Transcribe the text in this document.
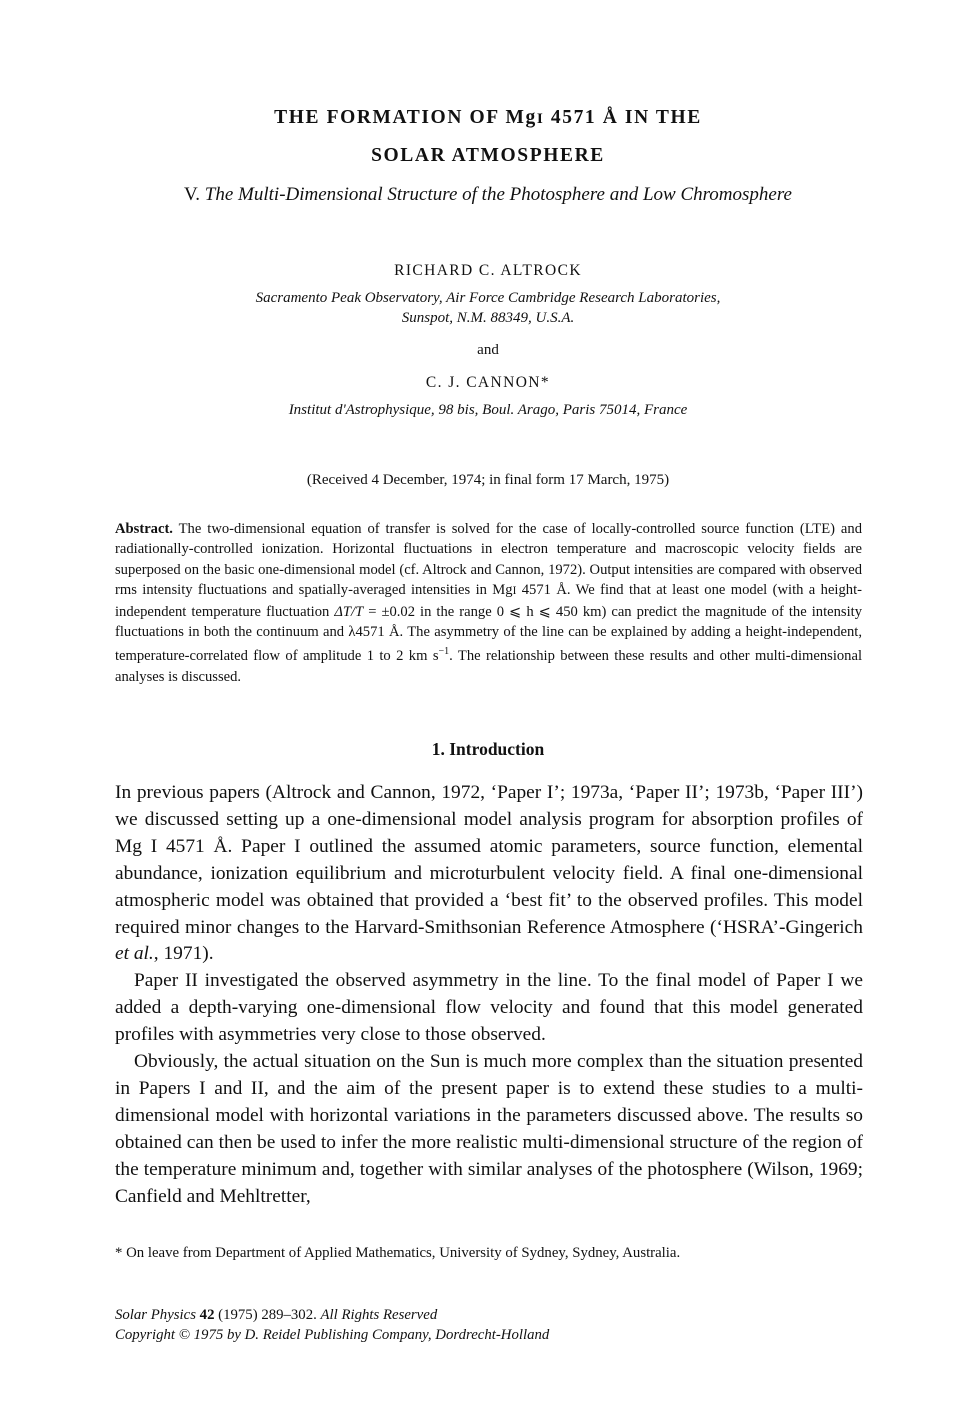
THE FORMATION OF MgI 4571 Å IN THE
SOLAR ATMOSPHERE
V. The Multi-Dimensional Structure of the Photosphere and Low Chromosphere
RICHARD C. ALTROCK
Sacramento Peak Observatory, Air Force Cambridge Research Laboratories,
Sunspot, N.M. 88349, U.S.A.
and
C. J. CANNON*
Institut d'Astrophysique, 98 bis, Boul. Arago, Paris 75014, France
(Received 4 December, 1974; in final form 17 March, 1975)
Abstract. The two-dimensional equation of transfer is solved for the case of locally-controlled source function (LTE) and radiationally-controlled ionization. Horizontal fluctuations in electron temperature and macroscopic velocity fields are superposed on the basic one-dimensional model (cf. Altrock and Cannon, 1972). Output intensities are compared with observed rms intensity fluctuations and spatially-averaged intensities in MgI 4571 Å. We find that at least one model (with a height-independent temperature fluctuation ΔT/T = ±0.02 in the range 0 ⩽ h ⩽ 450 km) can predict the magnitude of the intensity fluctuations in both the continuum and λ4571 Å. The asymmetry of the line can be explained by adding a height-independent, temperature-correlated flow of amplitude 1 to 2 km $s^{-1}$. The relationship between these results and other multi-dimensional analyses is discussed.
1. Introduction

In previous papers (Altrock and Cannon, 1972, ‘Paper I’; 1973a, ‘Paper II’; 1973b, ‘Paper III’) we discussed setting up a one-dimensional model analysis program for absorption profiles of Mg I 4571 Å. Paper I outlined the assumed atomic parameters, source function, elemental abundance, ionization equilibrium and microturbulent velocity field. A final one-dimensional atmospheric model was obtained that provided a ‘best fit’ to the observed profiles. This model required minor changes to the Harvard-Smithsonian Reference Atmosphere (‘HSRA’-Gingerich et al., 1971).

Paper II investigated the observed asymmetry in the line. To the final model of Paper I we added a depth-varying one-dimensional flow velocity and found that this model generated profiles with asymmetries very close to those observed.

Obviously, the actual situation on the Sun is much more complex than the situation presented in Papers I and II, and the aim of the present paper is to extend these studies to a multi-dimensional model with horizontal variations in the parameters discussed above. The results so obtained can then be used to infer the more realistic multi-dimensional structure of the region of the temperature minimum and, together with similar analyses of the photosphere (Wilson, 1969; Canfield and Mehltretter,

* On leave from Department of Applied Mathematics, University of Sydney, Sydney, Australia.
Solar Physics 42 (1975) 289–302. All Rights Reserved
Copyright © 1975 by D. Reidel Publishing Company, Dordrecht-Holland
